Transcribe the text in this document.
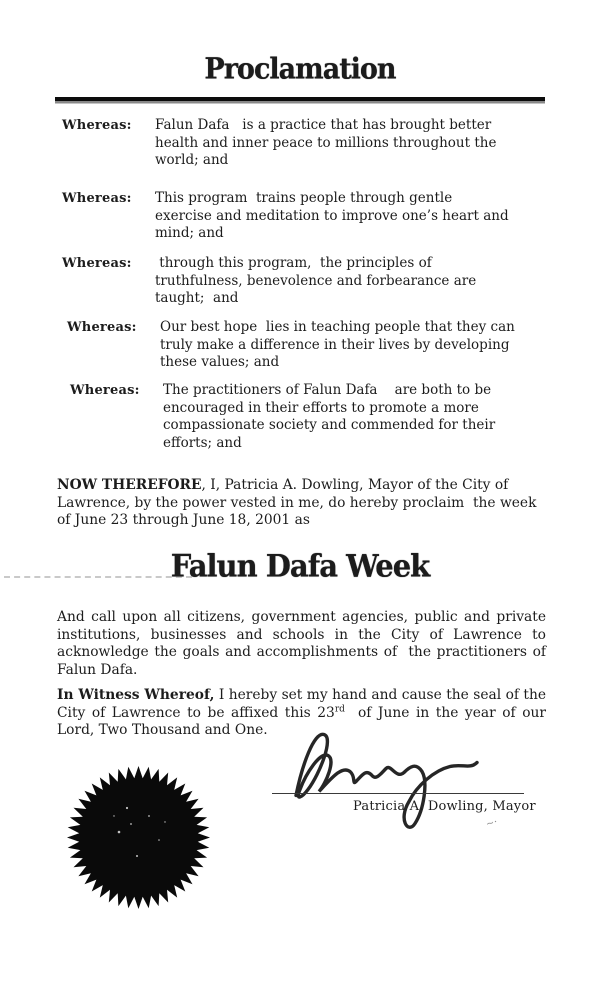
Proclamation
Whereas:	Falun Dafa   is a practice that has brought better health and inner peace to millions throughout the world; and
Whereas:	This program  trains people through gentle exercise and meditation to improve one’s heart and mind; and
Whereas:	through this program,  the principles of truthfulness, benevolence and forbearance are taught;  and
Whereas:	Our best hope  lies in teaching people that they can truly make a difference in their lives by developing these values; and
Whereas:	The practitioners of Falun Dafa    are both to be encouraged in their efforts to promote a more compassionate society and commended for their efforts; and
NOW THEREFORE, I, Patricia A. Dowling, Mayor of the City of Lawrence, by the power vested in me, do hereby proclaim  the week of June 23 through June 18, 2001 as
Falun Dafa Week
And call upon all citizens, government agencies, public and private institutions, businesses and schools in the City of Lawrence to acknowledge the goals and accomplishments of  the practitioners of Falun Dafa.
In Witness Whereof, I hereby set my hand and cause the seal of the City of Lawrence to be affixed this 23rd  of June in the year of our Lord, Two Thousand and One.
Patricia A. Dowling, Mayor
~·
